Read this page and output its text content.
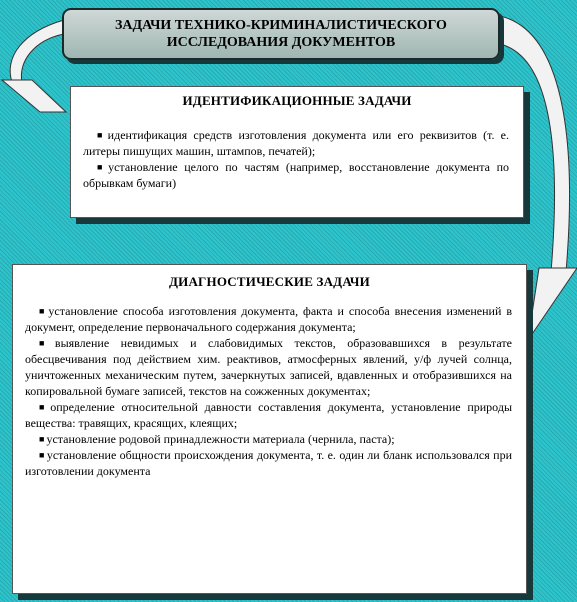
ЗАДАЧИ ТЕХНИКО-КРИМИНАЛИСТИЧЕСКОГО
ИССЛЕДОВАНИЯ ДОКУМЕНТОВ
ИДЕНТИФИКАЦИОННЫЕ ЗАДАЧИ
■ идентификация средств изготовления документа или его реквизитов (т. е. литеры пишущих машин, штампов, печатей);
■ установление целого по частям (например, восстановление документа по обрывкам бумаги)
ДИАГНОСТИЧЕСКИЕ ЗАДАЧИ
■ установление способа изготовления документа, факта и способа внесения изменений в документ, определение первоначального содержания документа;
■ выявление невидимых и слабовидимых текстов, образовавшихся в результате обесцвечивания под действием хим. реактивов, атмосферных явлений, у/ф лучей солнца, уничтоженных механическим путем, зачеркнутых записей, вдавленных и отобразившихся на копировальной бумаге записей, текстов на сожженных документах;
■ определение относительной давности составления документа, установление природы вещества: травящих, красящих, клеящих;
■ установление родовой принадлежности материала (чернила, паста);
■ установление общности происхождения документа, т. е. один ли бланк использовался при изготовлении документа
